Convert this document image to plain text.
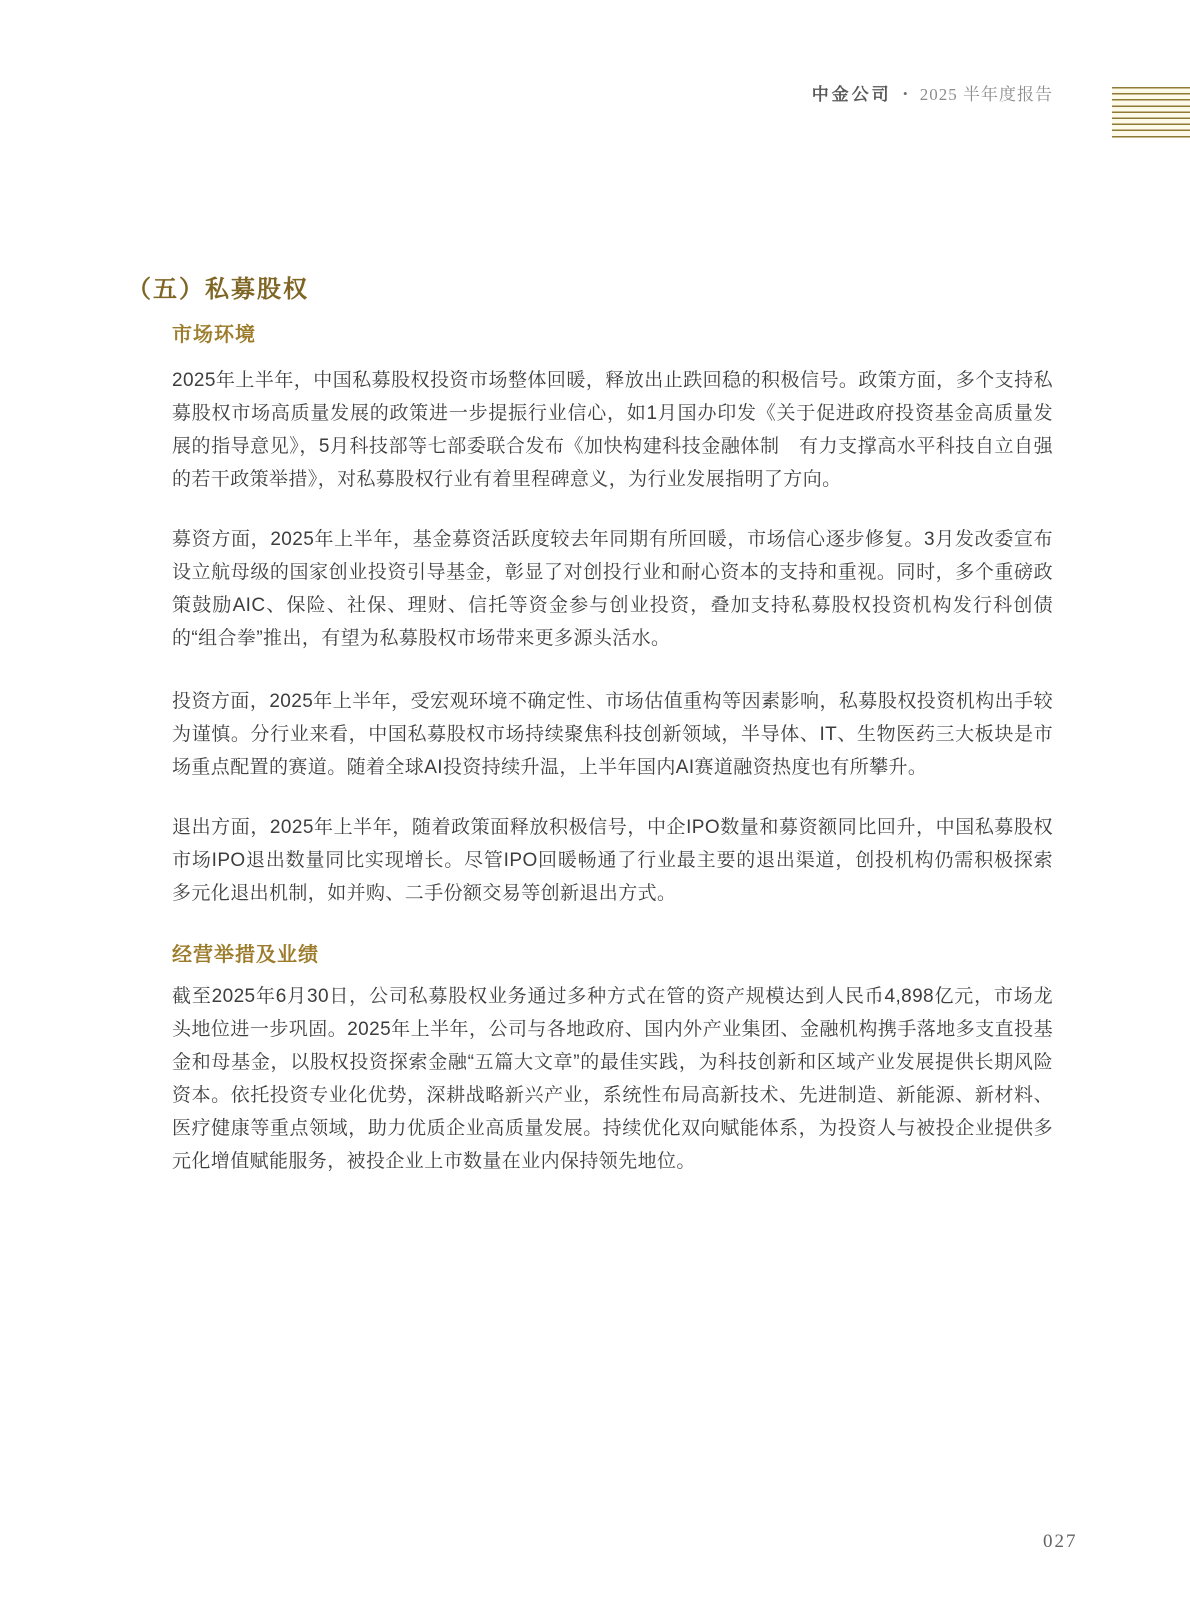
中金公司 • 2025 半年度报告
（五）私募股权
市场环境
2025年上半年，中国私募股权投资市场整体回暖，释放出止跌回稳的积极信号。政策方面，多个支持私募股权市场高质量发展的政策进一步提振行业信心，如1月国办印发《关于促进政府投资基金高质量发展的指导意见》，5月科技部等七部委联合发布《加快构建科技金融体制　有力支撑高水平科技自立自强的若干政策举措》，对私募股权行业有着里程碑意义，为行业发展指明了方向。
募资方面，2025年上半年，基金募资活跃度较去年同期有所回暖，市场信心逐步修复。3月发改委宣布设立航母级的国家创业投资引导基金，彰显了对创投行业和耐心资本的支持和重视。同时，多个重磅政策鼓励AIC、保险、社保、理财、信托等资金参与创业投资，叠加支持私募股权投资机构发行科创债的“组合拳”推出，有望为私募股权市场带来更多源头活水。
投资方面，2025年上半年，受宏观环境不确定性、市场估值重构等因素影响，私募股权投资机构出手较为谨慎。分行业来看，中国私募股权市场持续聚焦科技创新领域，半导体、IT、生物医药三大板块是市场重点配置的赛道。随着全球AI投资持续升温，上半年国内AI赛道融资热度也有所攀升。
退出方面，2025年上半年，随着政策面释放积极信号，中企IPO数量和募资额同比回升，中国私募股权市场IPO退出数量同比实现增长。尽管IPO回暖畅通了行业最主要的退出渠道，创投机构仍需积极探索多元化退出机制，如并购、二手份额交易等创新退出方式。
经营举措及业绩
截至2025年6月30日，公司私募股权业务通过多种方式在管的资产规模达到人民币4,898亿元，市场龙头地位进一步巩固。2025年上半年，公司与各地政府、国内外产业集团、金融机构携手落地多支直投基金和母基金，以股权投资探索金融“五篇大文章”的最佳实践，为科技创新和区域产业发展提供长期风险资本。依托投资专业化优势，深耕战略新兴产业，系统性布局高新技术、先进制造、新能源、新材料、医疗健康等重点领域，助力优质企业高质量发展。持续优化双向赋能体系，为投资人与被投企业提供多元化增值赋能服务，被投企业上市数量在业内保持领先地位。
027
